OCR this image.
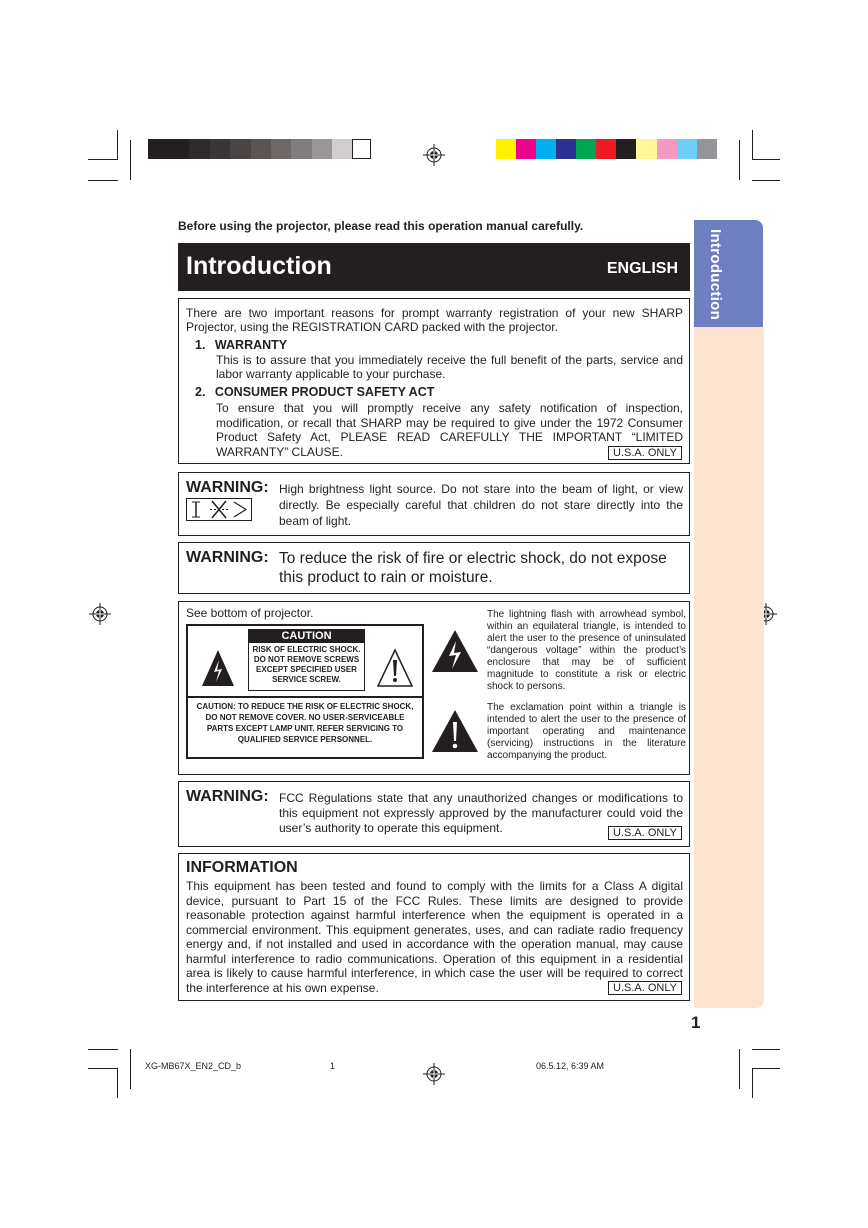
Introduction
Before using the projector, please read this operation manual carefully.
Introduction	ENGLISH
There are two important reasons for prompt warranty registration of your new SHARP Projector, using the REGISTRATION CARD packed with the projector.
1. WARRANTY
This is to assure that you immediately receive the full benefit of the parts, service and labor warranty applicable to your purchase.
2. CONSUMER PRODUCT SAFETY ACT
To ensure that you will promptly receive any safety notification of inspection, modification, or recall that SHARP may be required to give under the 1972 Consumer Product Safety Act, PLEASE READ CAREFULLY THE IMPORTANT “LIMITED WARRANTY” CLAUSE.	U.S.A. ONLY
WARNING: High brightness light source. Do not stare into the beam of light, or view directly. Be especially careful that children do not stare directly into the beam of light.
WARNING: To reduce the risk of fire or electric shock, do not expose this product to rain or moisture.
See bottom of projector.
CAUTION
RISK OF ELECTRIC SHOCK. DO NOT REMOVE SCREWS EXCEPT SPECIFIED USER SERVICE SCREW.
CAUTION: TO REDUCE THE RISK OF ELECTRIC SHOCK, DO NOT REMOVE COVER. NO USER-SERVICEABLE PARTS EXCEPT LAMP UNIT. REFER SERVICING TO QUALIFIED SERVICE PERSONNEL.
The lightning flash with arrowhead symbol, within an equilateral triangle, is intended to alert the user to the presence of uninsulated “dangerous voltage” within the product’s enclosure that may be of sufficient magnitude to constitute a risk or electric shock to persons.
The exclamation point within a triangle is intended to alert the user to the presence of important operating and maintenance (servicing) instructions in the literature accompanying the product.
WARNING: FCC Regulations state that any unauthorized changes or modifications to this equipment not expressly approved by the manufacturer could void the user’s authority to operate this equipment.	U.S.A. ONLY
INFORMATION
This equipment has been tested and found to comply with the limits for a Class A digital device, pursuant to Part 15 of the FCC Rules. These limits are designed to provide reasonable protection against harmful interference when the equipment is operated in a commercial environment. This equipment generates, uses, and can radiate radio frequency energy and, if not installed and used in accordance with the operation manual, may cause harmful interference to radio communications. Operation of this equipment in a residential area is likely to cause harmful interference, in which case the user will be required to correct the interference at his own expense.	U.S.A. ONLY
1
XG-MB67X_EN2_CD_b	1	06.5.12, 6:39 AM
